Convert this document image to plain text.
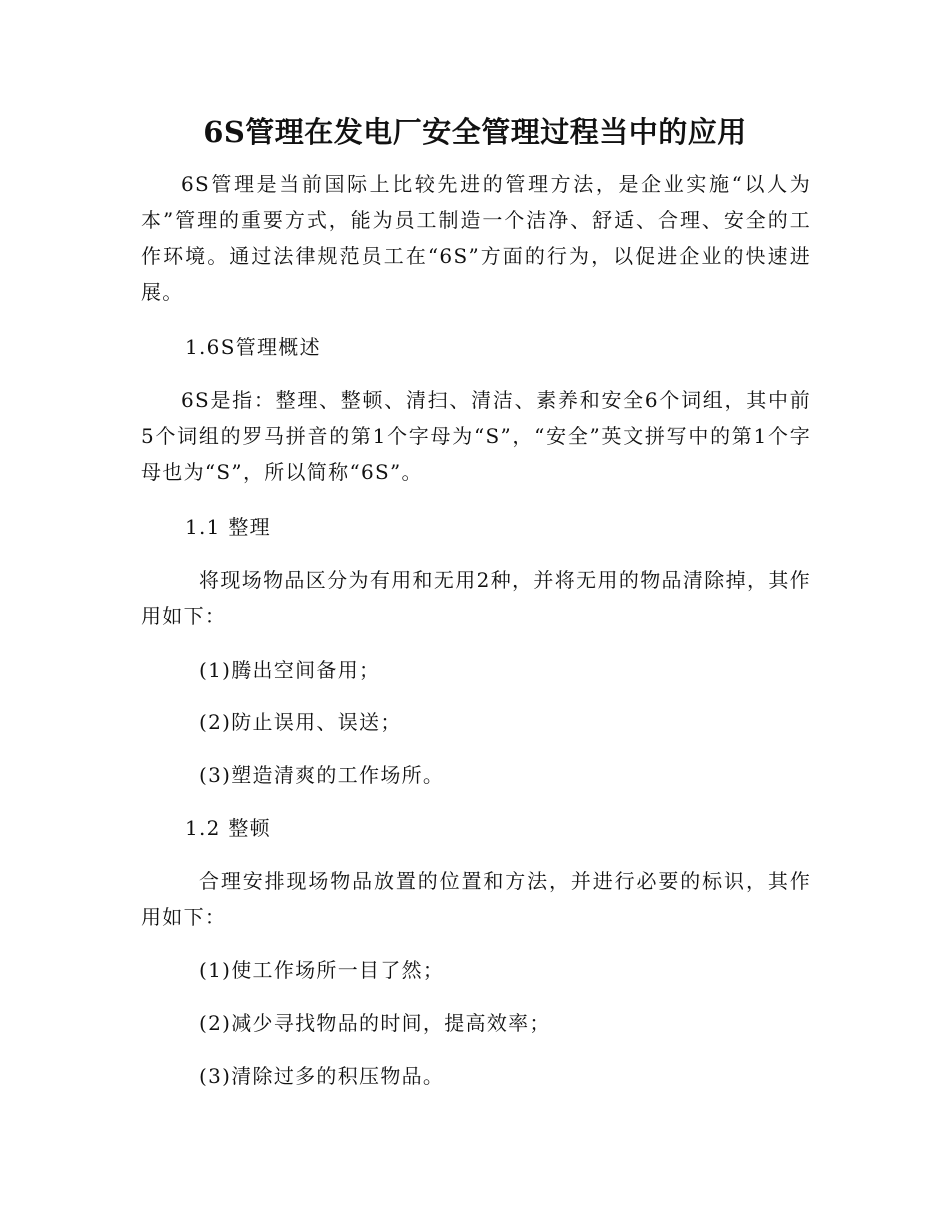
6S管理在发电厂安全管理过程当中的应用

6S管理是当前国际上比较先进的管理方法，是企业实施“以人为本”管理的重要方式，能为员工制造一个洁净、舒适、合理、安全的工作环境。通过法律规范员工在“6S”方面的行为，以促进企业的快速进展。

1.6S管理概述

6S是指：整理、整顿、清扫、清洁、素养和安全6个词组，其中前5个词组的罗马拼音的第1个字母为“S”，“安全”英文拼写中的第1个字母也为“S”，所以简称“6S”。

1.1 整理

将现场物品区分为有用和无用2种，并将无用的物品清除掉，其作用如下：

(1)腾出空间备用；
(2)防止误用、误送；
(3)塑造清爽的工作场所。
1.2 整顿

合理安排现场物品放置的位置和方法，并进行必要的标识，其作用如下：

(1)使工作场所一目了然；
(2)减少寻找物品的时间，提高效率；
(3)清除过多的积压物品。
